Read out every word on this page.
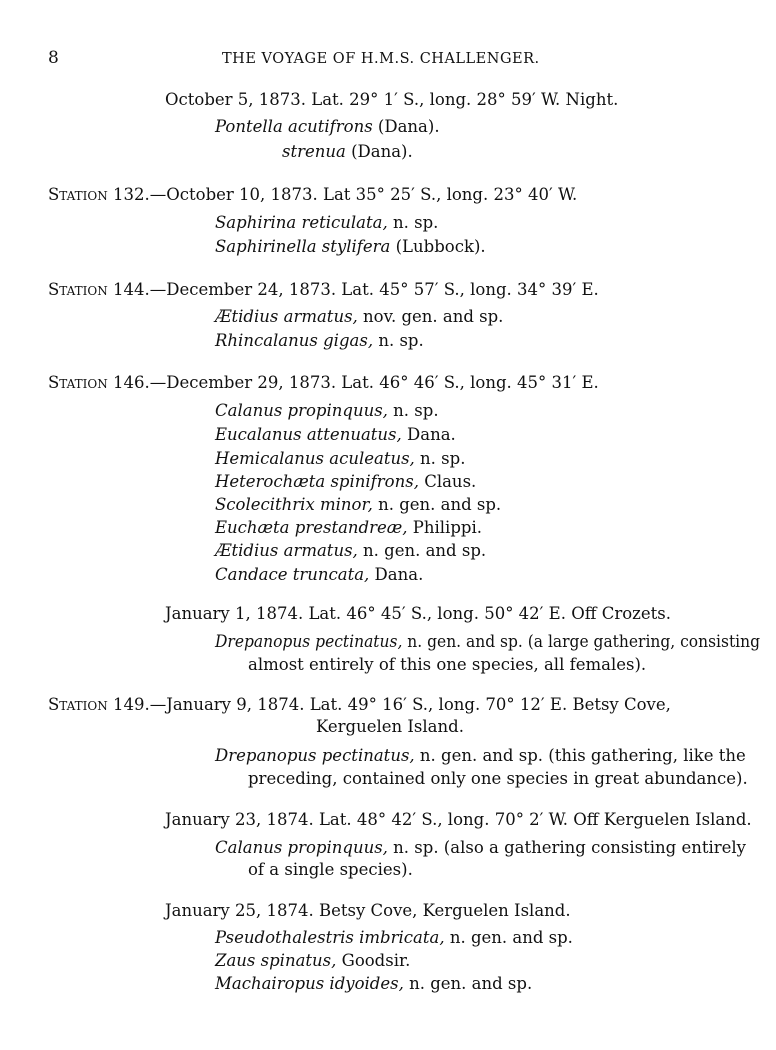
8	THE VOYAGE OF H.M.S. CHALLENGER.
October 5, 1873. Lat. 29° 1′ S., long. 28° 59′ W. Night.
Pontella acutifrons (Dana).
strenua (Dana).
Station 132.—October 10, 1873. Lat 35° 25′ S., long. 23° 40′ W.
Saphirina reticulata, n. sp.
Saphirinella stylifera (Lubbock).
Station 144.—December 24, 1873. Lat. 45° 57′ S., long. 34° 39′ E.
Ætidius armatus, nov. gen. and sp.
Rhincalanus gigas, n. sp.
Station 146.—December 29, 1873. Lat. 46° 46′ S., long. 45° 31′ E.
Calanus propinquus, n. sp.
Eucalanus attenuatus, Dana.
Hemicalanus aculeatus, n. sp.
Heterochæta spinifrons, Claus.
Scolecithrix minor, n. gen. and sp.
Euchæta prestandreæ, Philippi.
Ætidius armatus, n. gen. and sp.
Candace truncata, Dana.
January 1, 1874. Lat. 46° 45′ S., long. 50° 42′ E. Off Crozets.
Drepanopus pectinatus, n. gen. and sp. (a large gathering, consisting
almost entirely of this one species, all females).
Station 149.—January 9, 1874. Lat. 49° 16′ S., long. 70° 12′ E. Betsy Cove,
Kerguelen Island.
Drepanopus pectinatus, n. gen. and sp. (this gathering, like the
preceding, contained only one species in great abundance).
January 23, 1874. Lat. 48° 42′ S., long. 70° 2′ W. Off Kerguelen Island.
Calanus propinquus, n. sp. (also a gathering consisting entirely
of a single species).
January 25, 1874. Betsy Cove, Kerguelen Island.
Pseudothalestris imbricata, n. gen. and sp.
Zaus spinatus, Goodsir.
Machairopus idyoides, n. gen. and sp.
